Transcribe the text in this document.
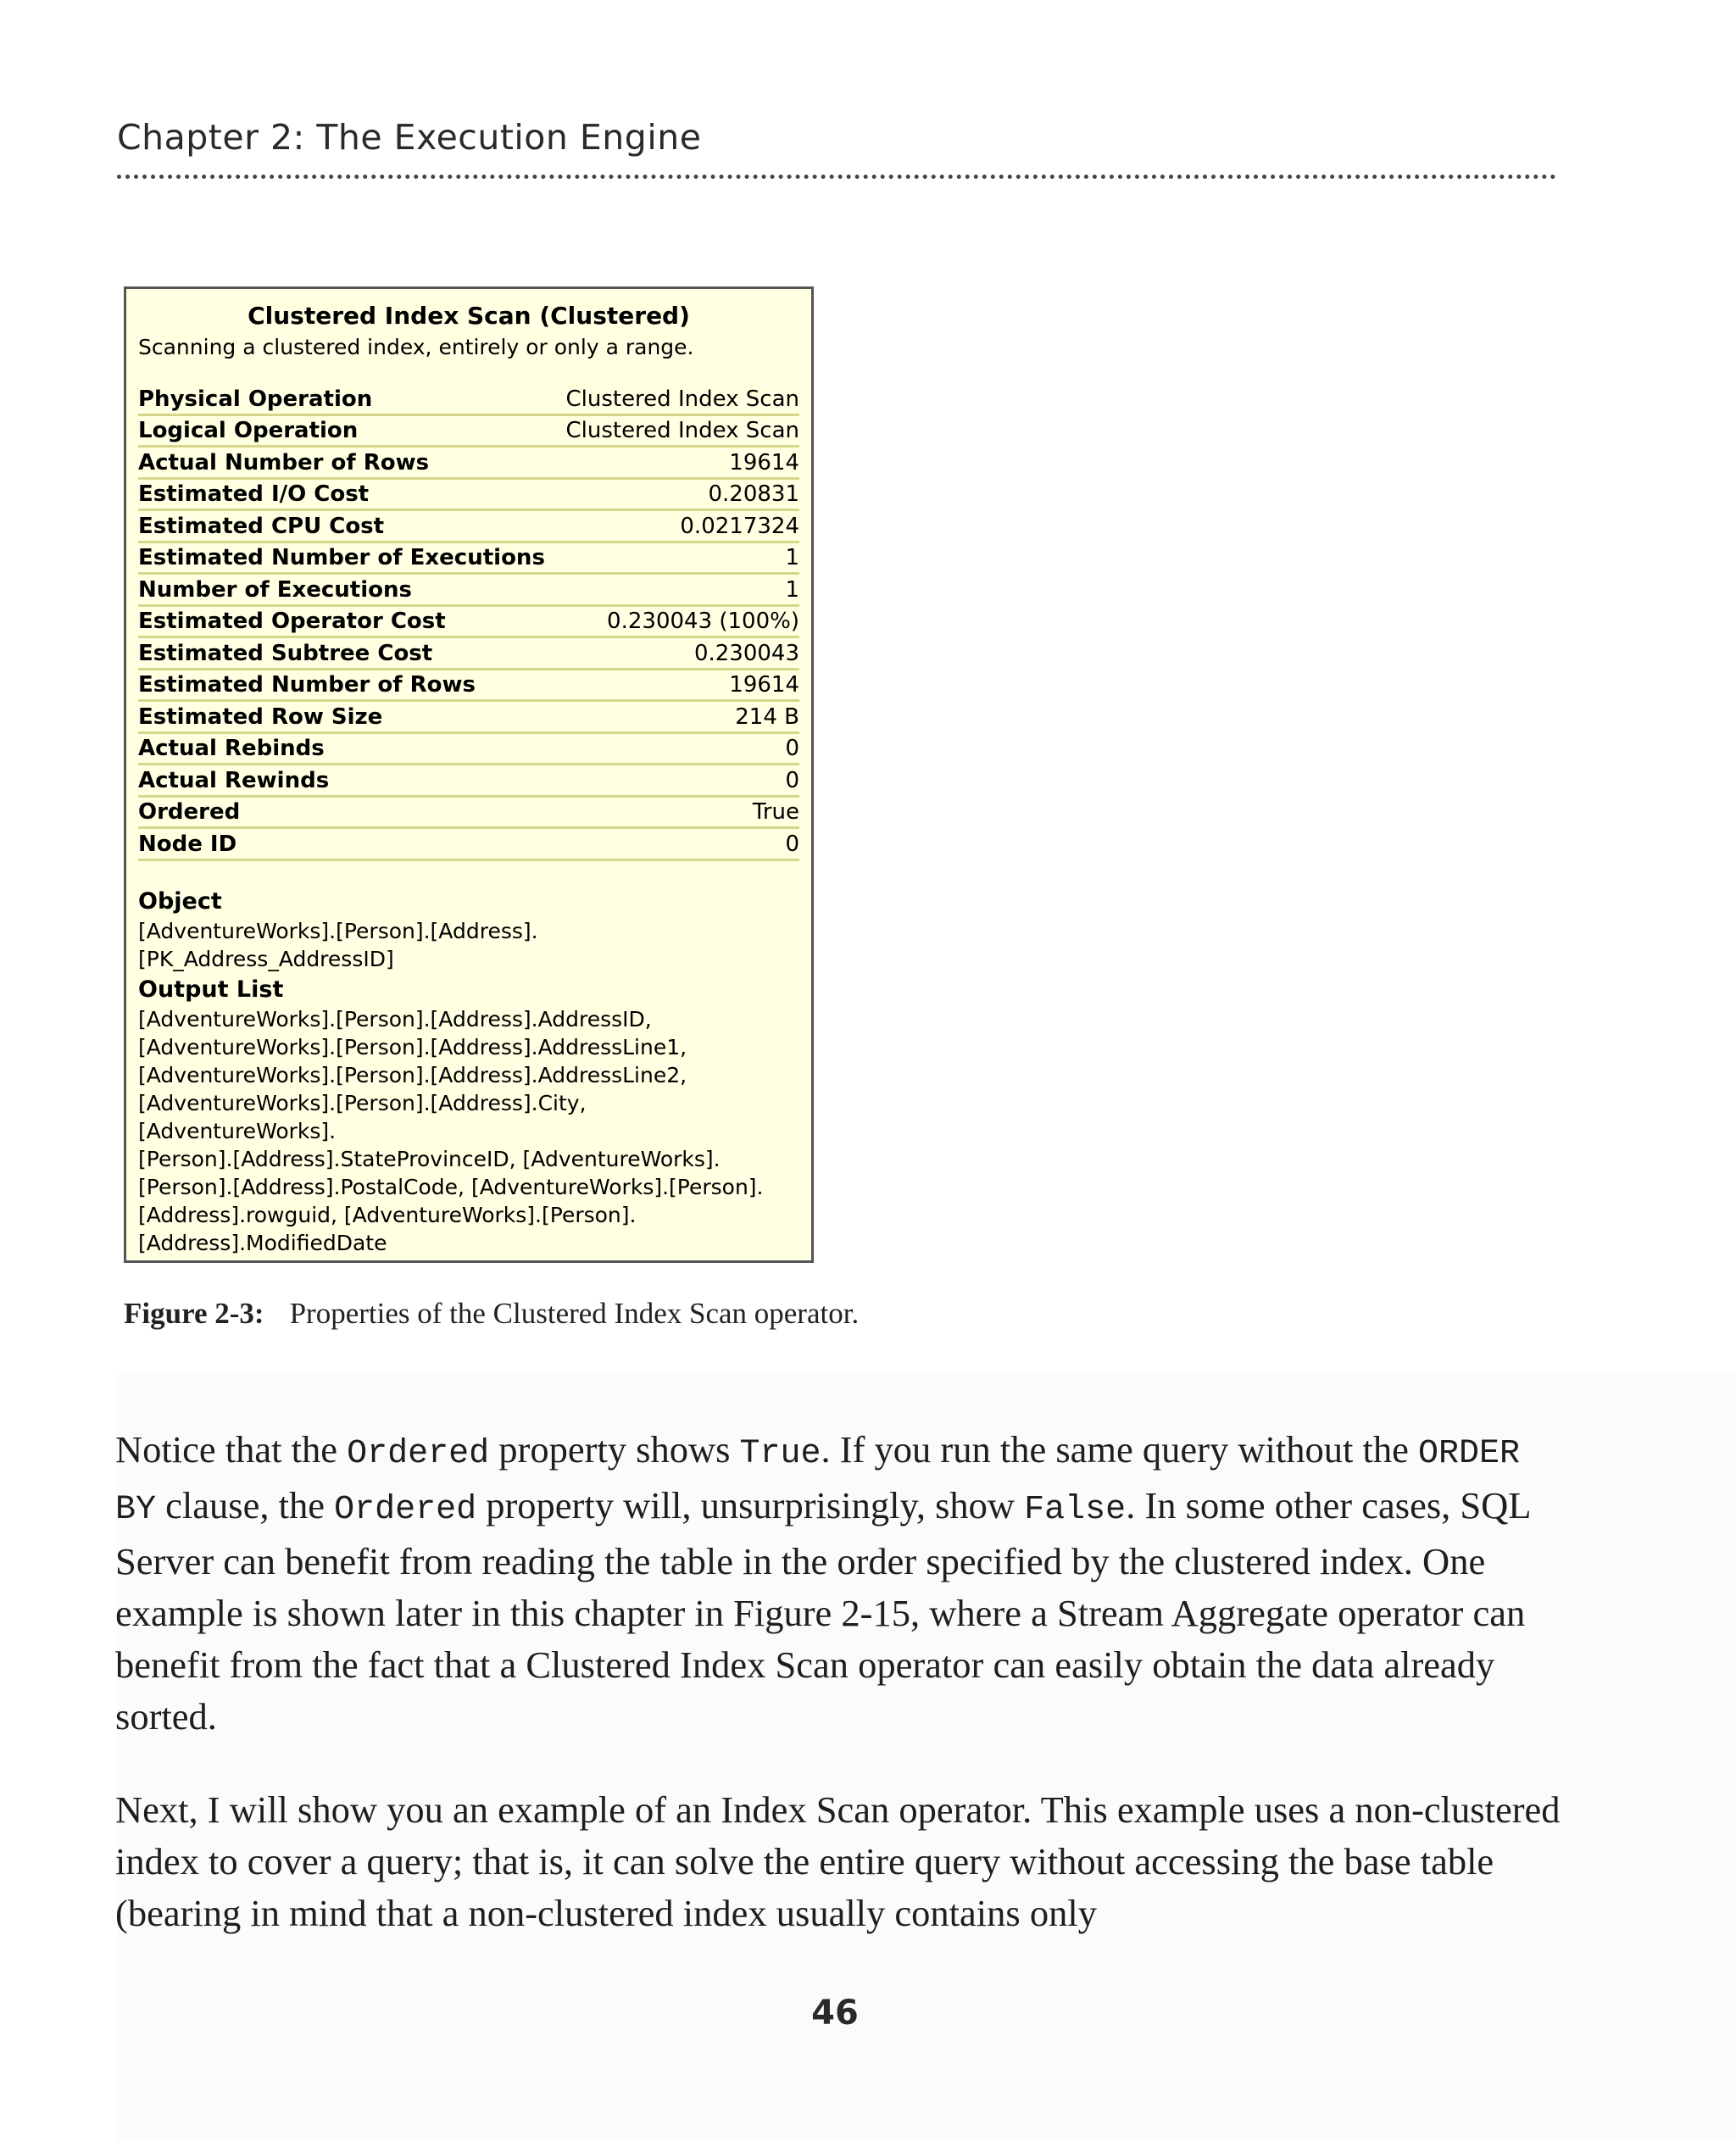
Chapter 2: The Execution Engine
Clustered Index Scan (Clustered)
Scanning a clustered index, entirely or only a range.
Physical Operation	Clustered Index Scan
Logical Operation	Clustered Index Scan
Actual Number of Rows	19614
Estimated I/O Cost	0.20831
Estimated CPU Cost	0.0217324
Estimated Number of Executions	1
Number of Executions	1
Estimated Operator Cost	0.230043 (100%)
Estimated Subtree Cost	0.230043
Estimated Number of Rows	19614
Estimated Row Size	214 B
Actual Rebinds	0
Actual Rewinds	0
Ordered	True
Node ID	0
Object
[AdventureWorks].[Person].[Address].
[PK_Address_AddressID]
Output List
[AdventureWorks].[Person].[Address].AddressID,
[AdventureWorks].[Person].[Address].AddressLine1,
[AdventureWorks].[Person].[Address].AddressLine2,
[AdventureWorks].[Person].[Address].City, [AdventureWorks].
[Person].[Address].StateProvinceID, [AdventureWorks].
[Person].[Address].PostalCode, [AdventureWorks].[Person].
[Address].rowguid, [AdventureWorks].[Person].
[Address].ModifiedDate
Figure 2-3: Properties of the Clustered Index Scan operator.
Notice that the Ordered property shows True. If you run the same query without the ORDER BY clause, the Ordered property will, unsurprisingly, show False. In some other cases, SQL Server can benefit from reading the table in the order specified by the clustered index. One example is shown later in this chapter in Figure 2-15, where a Stream Aggregate operator can benefit from the fact that a Clustered Index Scan operator can easily obtain the data already sorted.
Next, I will show you an example of an Index Scan operator. This example uses a non-clustered index to cover a query; that is, it can solve the entire query without accessing the base table (bearing in mind that a non-clustered index usually contains only
46
